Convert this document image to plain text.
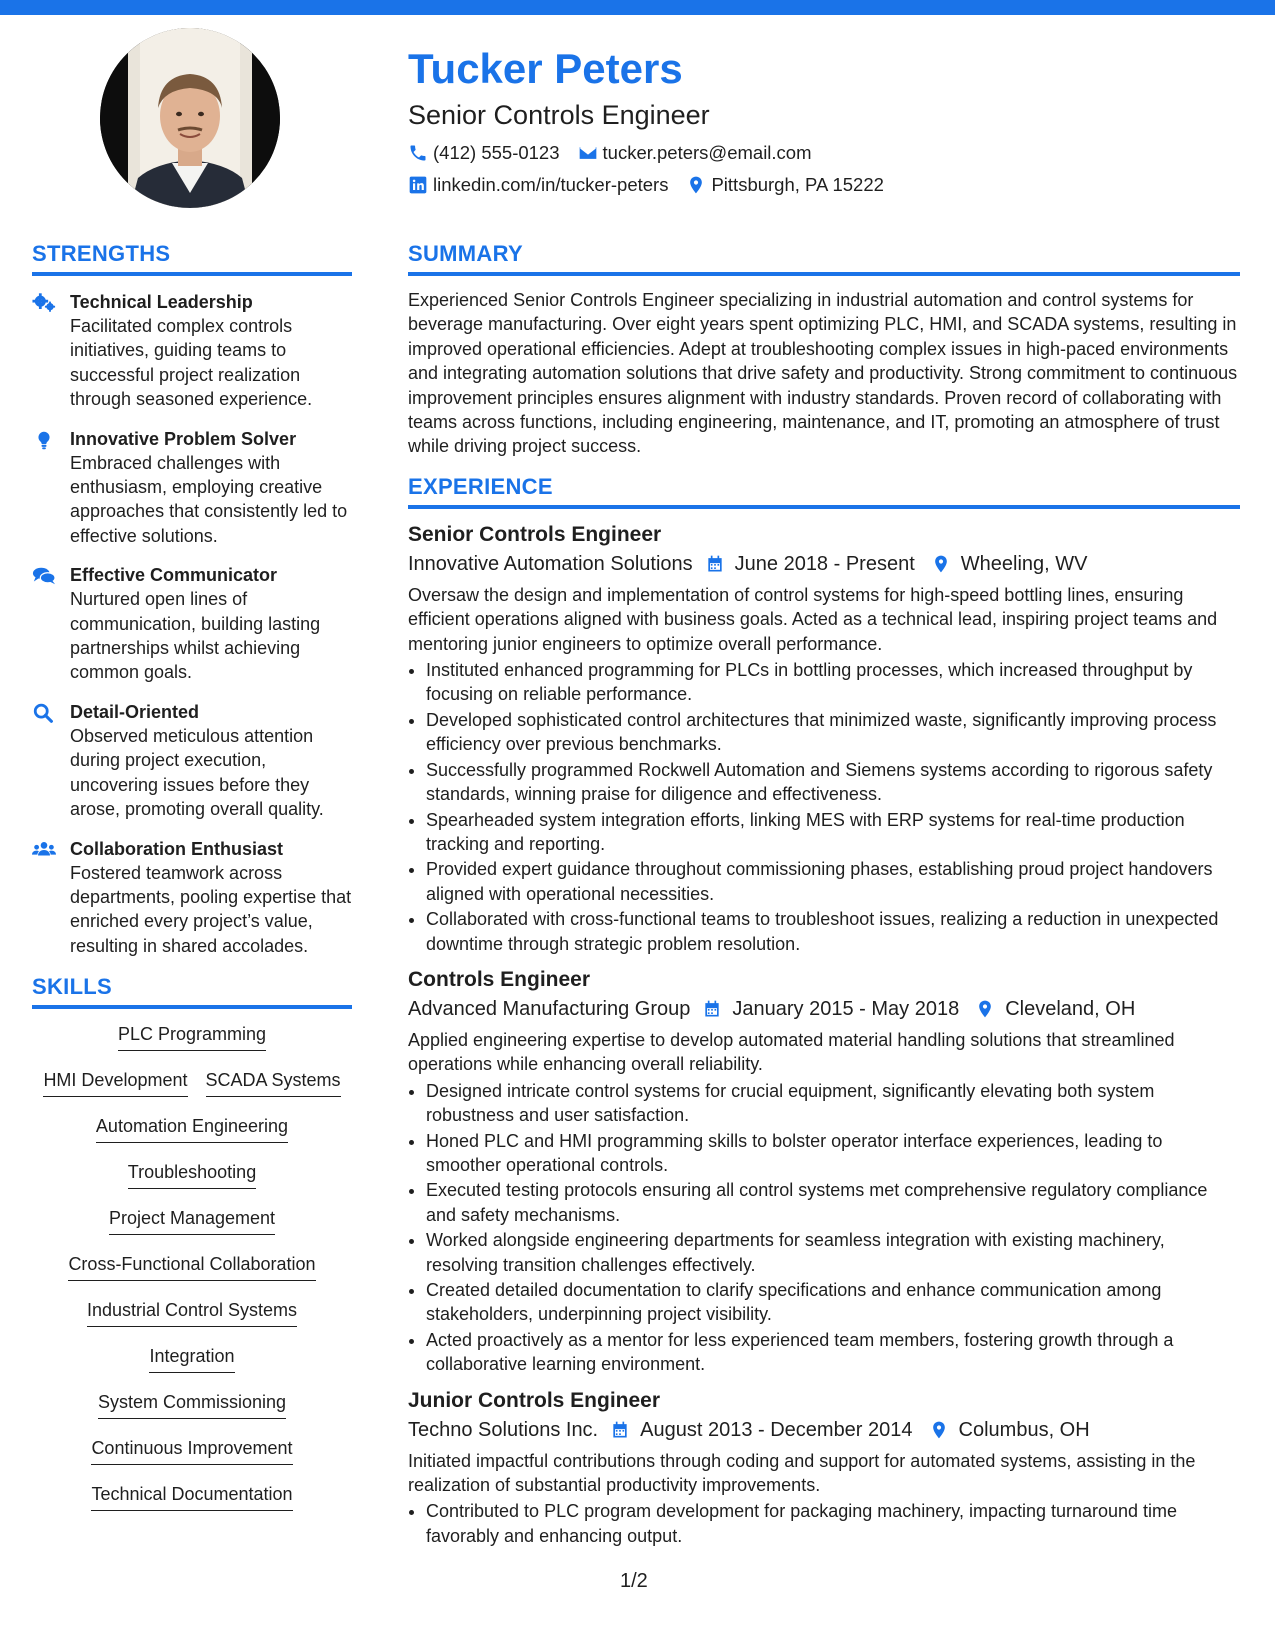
Tucker Peters
Senior Controls Engineer
(412) 555-0123 tucker.peters@email.com
linkedin.com/in/tucker-peters Pittsburgh, PA 15222
STRENGTHS
Technical Leadership
Facilitated complex controls initiatives, guiding teams to successful project realization through seasoned experience.
Innovative Problem Solver
Embraced challenges with enthusiasm, employing creative approaches that consistently led to effective solutions.
Effective Communicator
Nurtured open lines of communication, building lasting partnerships whilst achieving common goals.
Detail-Oriented
Observed meticulous attention during project execution, uncovering issues before they arose, promoting overall quality.
Collaboration Enthusiast
Fostered teamwork across departments, pooling expertise that enriched every project’s value, resulting in shared accolades.
SKILLS
PLC Programming
HMI Development SCADA Systems
Automation Engineering
Troubleshooting
Project Management
Cross-Functional Collaboration
Industrial Control Systems
Integration
System Commissioning
Continuous Improvement
Technical Documentation
SUMMARY
Experienced Senior Controls Engineer specializing in industrial automation and control systems for beverage manufacturing. Over eight years spent optimizing PLC, HMI, and SCADA systems, resulting in improved operational efficiencies. Adept at troubleshooting complex issues in high-paced environments and integrating automation solutions that drive safety and productivity. Strong commitment to continuous improvement principles ensures alignment with industry standards. Proven record of collaborating with teams across functions, including engineering, maintenance, and IT, promoting an atmosphere of trust while driving project success.
EXPERIENCE
Senior Controls Engineer
Innovative Automation Solutions June 2018 - Present Wheeling, WV
Oversaw the design and implementation of control systems for high-speed bottling lines, ensuring efficient operations aligned with business goals. Acted as a technical lead, inspiring project teams and mentoring junior engineers to optimize overall performance.
• Instituted enhanced programming for PLCs in bottling processes, which increased throughput by focusing on reliable performance.
• Developed sophisticated control architectures that minimized waste, significantly improving process efficiency over previous benchmarks.
• Successfully programmed Rockwell Automation and Siemens systems according to rigorous safety standards, winning praise for diligence and effectiveness.
• Spearheaded system integration efforts, linking MES with ERP systems for real-time production tracking and reporting.
• Provided expert guidance throughout commissioning phases, establishing proud project handovers aligned with operational necessities.
• Collaborated with cross-functional teams to troubleshoot issues, realizing a reduction in unexpected downtime through strategic problem resolution.
Controls Engineer
Advanced Manufacturing Group January 2015 - May 2018 Cleveland, OH
Applied engineering expertise to develop automated material handling solutions that streamlined operations while enhancing overall reliability.
• Designed intricate control systems for crucial equipment, significantly elevating both system robustness and user satisfaction.
• Honed PLC and HMI programming skills to bolster operator interface experiences, leading to smoother operational controls.
• Executed testing protocols ensuring all control systems met comprehensive regulatory compliance and safety mechanisms.
• Worked alongside engineering departments for seamless integration with existing machinery, resolving transition challenges effectively.
• Created detailed documentation to clarify specifications and enhance communication among stakeholders, underpinning project visibility.
• Acted proactively as a mentor for less experienced team members, fostering growth through a collaborative learning environment.
Junior Controls Engineer
Techno Solutions Inc. August 2013 - December 2014 Columbus, OH
Initiated impactful contributions through coding and support for automated systems, assisting in the realization of substantial productivity improvements.
• Contributed to PLC program development for packaging machinery, impacting turnaround time favorably and enhancing output.
1/2
